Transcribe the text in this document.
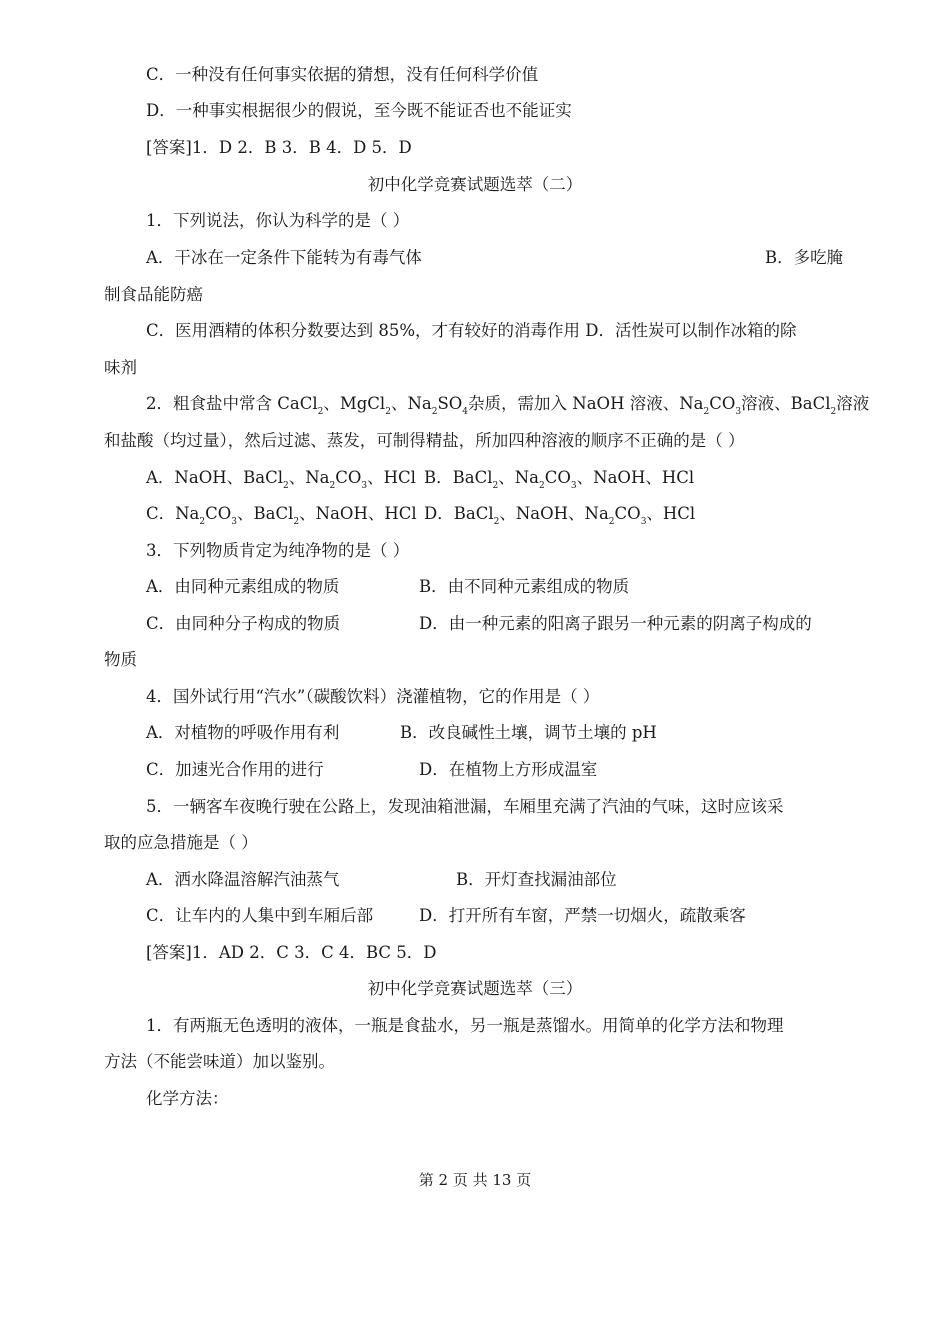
C．一种没有任何事实依据的猜想，没有任何科学价值
D．一种事实根据很少的假说，至今既不能证否也不能证实
[答案]1．D 2．B 3．B 4．D 5．D
初中化学竞赛试题选萃（二）
1．下列说法，你认为科学的是（ ）
A．干冰在一定条件下能转为有毒气体	B．多吃腌
制食品能防癌
C．医用酒精的体积分数要达到 85%，才有较好的消毒作用 D．活性炭可以制作冰箱的除
味剂
2．粗食盐中常含 CaCl$_2$、MgCl$_2$、$Na_2SO_4$杂质，需加入 NaOH 溶液、$Na_2CO_3$溶液、BaCl$_2$溶液
和盐酸（均过量），然后过滤、蒸发，可制得精盐，所加四种溶液的顺序不正确的是（ ）
A．NaOH、BaCl$_2$、$Na_2CO_3$、HCl B．BaCl$_2$、$Na_2CO_3$、NaOH、HCl
C．$Na_2CO_3$、BaCl$_2$、NaOH、HCl D．BaCl$_2$、NaOH、$Na_2CO_3$、HCl
3．下列物质肯定为纯净物的是（ ）
A．由同种元素组成的物质	B．由不同种元素组成的物质
C．由同种分子构成的物质	D．由一种元素的阳离子跟另一种元素的阴离子构成的
物质
4．国外试行用“汽水”（碳酸饮料）浇灌植物，它的作用是（ ）
A．对植物的呼吸作用有利	B．改良碱性土壤，调节土壤的 pH
C．加速光合作用的进行	D．在植物上方形成温室
5．一辆客车夜晚行驶在公路上，发现油箱泄漏，车厢里充满了汽油的气味，这时应该采
取的应急措施是（ ）
A．洒水降温溶解汽油蒸气	B．开灯查找漏油部位
C．让车内的人集中到车厢后部	D．打开所有车窗，严禁一切烟火，疏散乘客
[答案]1．AD 2．C 3．C 4．BC 5．D
初中化学竞赛试题选萃（三）
1．有两瓶无色透明的液体，一瓶是食盐水，另一瓶是蒸馏水。用简单的化学方法和物理
方法（不能尝味道）加以鉴别。
化学方法：
第 2 页 共 13 页
